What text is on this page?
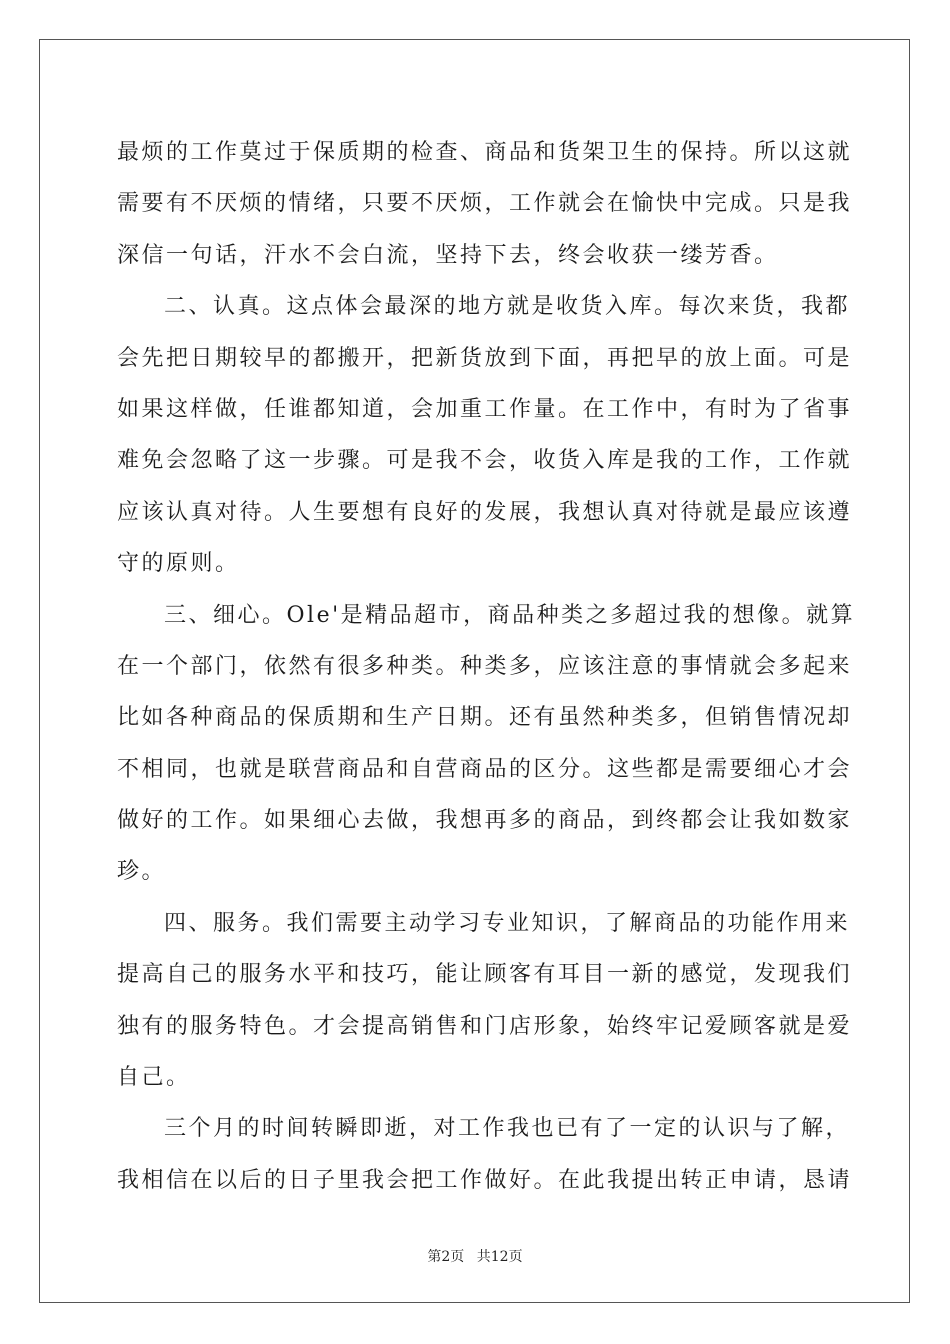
最烦的工作莫过于保质期的检查、商品和货架卫生的保持。所以这就
需要有不厌烦的情绪，只要不厌烦，工作就会在愉快中完成。只是我
深信一句话，汗水不会白流，坚持下去，终会收获一缕芳香。
二、认真。这点体会最深的地方就是收货入库。每次来货，我都
会先把日期较早的都搬开，把新货放到下面，再把早的放上面。可是
如果这样做，任谁都知道，会加重工作量。在工作中，有时为了省事
难免会忽略了这一步骤。可是我不会，收货入库是我的工作，工作就
应该认真对待。人生要想有良好的发展，我想认真对待就是最应该遵
守的原则。
三、细心。Ole'是精品超市，商品种类之多超过我的想像。就算
在一个部门，依然有很多种类。种类多，应该注意的事情就会多起来
比如各种商品的保质期和生产日期。还有虽然种类多，但销售情况却
不相同，也就是联营商品和自营商品的区分。这些都是需要细心才会
做好的工作。如果细心去做，我想再多的商品，到终都会让我如数家
珍。
四、服务。我们需要主动学习专业知识，了解商品的功能作用来
提高自己的服务水平和技巧，能让顾客有耳目一新的感觉，发现我们
独有的服务特色。才会提高销售和门店形象，始终牢记爱顾客就是爱
自己。
三个月的时间转瞬即逝，对工作我也已有了一定的认识与了解，
我相信在以后的日子里我会把工作做好。在此我提出转正申请，恳请
第2页 共12页
